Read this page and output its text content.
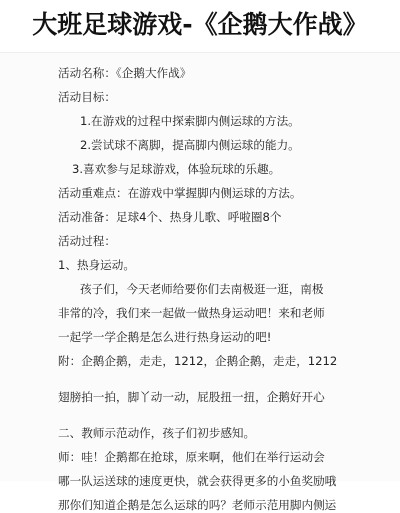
大班足球游戏-《企鹅大作战》
活动名称：《企鹅大作战》
活动目标：
1.在游戏的过程中探索脚内侧运球的方法。
2.尝试球不离脚，提高脚内侧运球的能力。
3.喜欢参与足球游戏，体验玩球的乐趣。
活动重难点：在游戏中掌握脚内侧运球的方法。
活动准备：足球4个、热身儿歌、呼啦圈8个
活动过程：
1、热身运动。
孩子们，今天老师给要你们去南极逛一逛，南极
非常的冷，我们来一起做一做热身运动吧！来和老师
一起学一学企鹅是怎么进行热身运动的吧!
附：企鹅企鹅，走走，1212，企鹅企鹅，走走，1212
翅膀拍一拍，脚丫动一动，屁股扭一扭，企鹅好开心
二、教师示范动作，孩子们初步感知。
师：哇！企鹅都在抢球，原来啊，他们在举行运动会
哪一队运送球的速度更快，就会获得更多的小鱼奖励哦
那你们知道企鹅是怎么运球的吗？老师示范用脚内侧运
